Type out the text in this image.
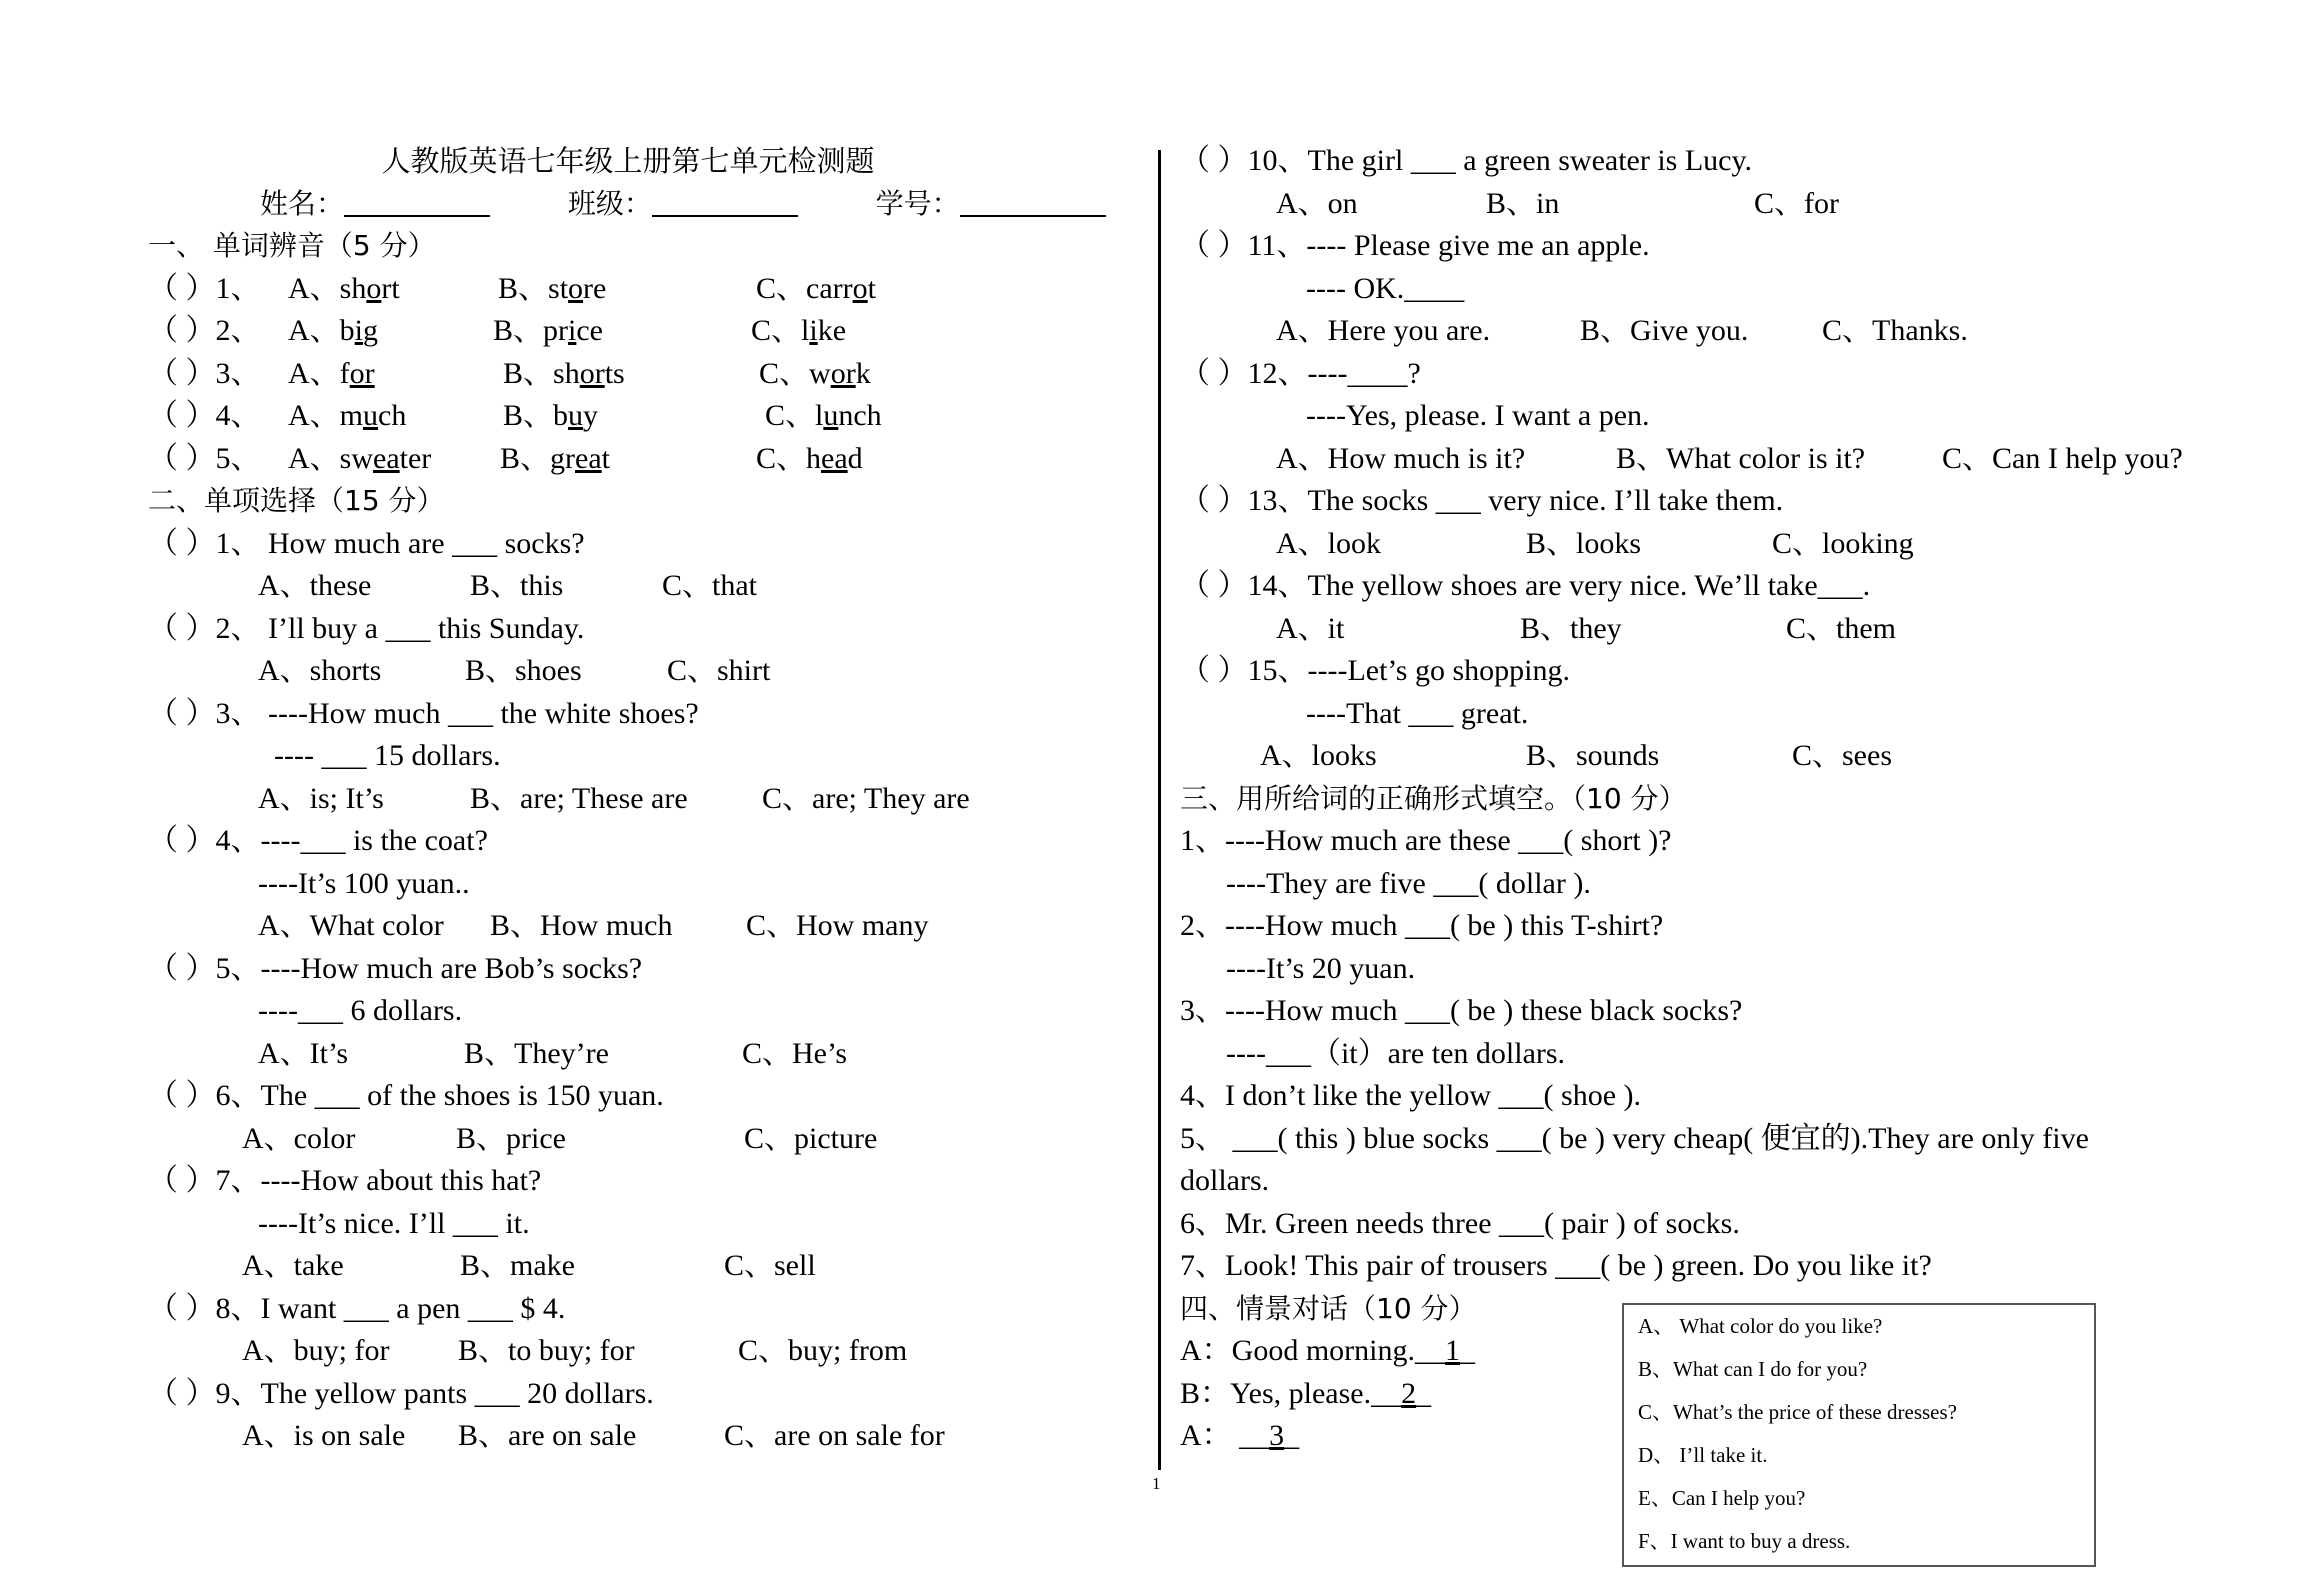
人教版英语七年级上册第七单元检测题
姓名：	班级：	学号：
一、 单词辨音（5 分）
（ ）1、 A、short	B、store	C、carrot
（ ）2、 A、big	B、price	C、like
（ ）3、 A、for	B、shorts	C、work
（ ）4、 A、much	B、buy	C、lunch
（ ）5、 A、sweater B、great	C、head
二、单项选择（15 分）
（ ）1、 How much are ___ socks?
A、these	B、this	C、that
（ ）2、 I’ll buy a ___ this Sunday.
A、shorts	B、shoes	C、shirt
（ ）3、 ----How much ___ the white shoes?
---- ___ 15 dollars.
A、is; It’s	B、are; These are C、are; They are
（ ）4、----___ is the coat?
----It’s 100 yuan..
A、What color B、How much C、How many
（ ）5、----How much are Bob’s socks?
----___ 6 dollars.
A、It’s	B、They’re	C、He’s
（ ）6、The ___ of the shoes is 150 yuan.
A、color	B、price	C、picture
（ ）7、----How about this hat?
----It’s nice. I’ll ___ it.
A、take	B、make	C、sell
（ ）8、I want ___ a pen ___ $ 4.
A、buy; for B、to buy; for	C、buy; from
（ ）9、The yellow pants ___ 20 dollars.
A、is on sale B、are on sale	C、are on sale for
（ ）10、The girl ___ a green sweater is Lucy.
A、on	B、in	C、for
（ ）11、---- Please give me an apple.
---- OK.____
A、Here you are.	B、Give you. C、Thanks.
（ ）12、----____?
----Yes, please. I want a pen.
A、How much is it?	B、What color is it?	C、Can I help you?
（ ）13、The socks ___ very nice. I’ll take them.
A、look	B、looks	C、looking
（ ）14、The yellow shoes are very nice. We’ll take___.
A、it	B、they	C、them
（ ）15、----Let’s go shopping.
----That ___ great.
A、looks	B、sounds	C、sees
三、用所给词的正确形式填空。（10 分）
1、----How much are these ___( short )?
----They are five ___( dollar ).
2、----How much ___( be ) this T-shirt?
----It’s 20 yuan.
3、----How much ___( be ) these black socks?
----___（it）are ten dollars.
4、I don’t like the yellow ___( shoe ).
5、 ___( this ) blue socks ___( be ) very cheap( 便宜的).They are only five
dollars.
6、Mr. Green needs three ___( pair ) of socks.
7、Look! This pair of trousers ___( be ) green. Do you like it?
四、情景对话（10 分）
A：Good morning.__1_
B：Yes, please.__2_
A： __3_
A、 What color do you like?
B、What can I do for you?
C、What’s the price of these dresses?
D、 I’ll take it.
E、Can I help you?
F、I want to buy a dress.
1
